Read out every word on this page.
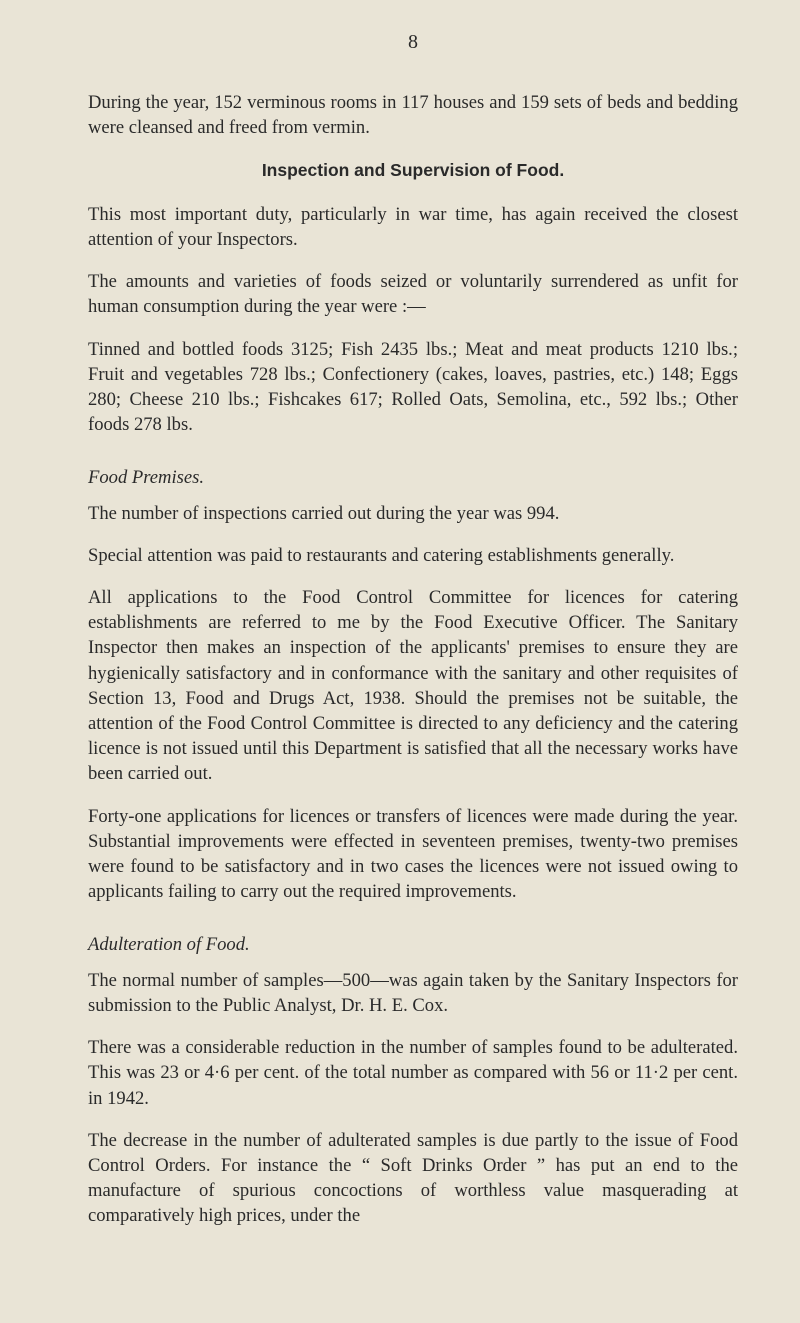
8

During the year, 152 verminous rooms in 117 houses and 159 sets of beds and bedding were cleansed and freed from vermin.

Inspection and Supervision of Food.

This most important duty, particularly in war time, has again received the closest attention of your Inspectors.

The amounts and varieties of foods seized or voluntarily surrendered as unfit for human consumption during the year were :—

Tinned and bottled foods 3125; Fish 2435 lbs.; Meat and meat products 1210 lbs.; Fruit and vegetables 728 lbs.; Confectionery (cakes, loaves, pastries, etc.) 148; Eggs 280; Cheese 210 lbs.; Fishcakes 617; Rolled Oats, Semolina, etc., 592 lbs.; Other foods 278 lbs.

Food Premises.

The number of inspections carried out during the year was 994.

Special attention was paid to restaurants and catering establishments generally.

All applications to the Food Control Committee for licences for catering establishments are referred to me by the Food Executive Officer. The Sanitary Inspector then makes an inspection of the applicants' premises to ensure they are hygienically satisfactory and in conformance with the sanitary and other requisites of Section 13, Food and Drugs Act, 1938. Should the premises not be suitable, the attention of the Food Control Committee is directed to any deficiency and the catering licence is not issued until this Department is satisfied that all the necessary works have been carried out.

Forty-one applications for licences or transfers of licences were made during the year. Substantial improvements were effected in seventeen premises, twenty-two premises were found to be satisfactory and in two cases the licences were not issued owing to applicants failing to carry out the required improvements.

Adulteration of Food.

The normal number of samples—500—was again taken by the Sanitary Inspectors for submission to the Public Analyst, Dr. H. E. Cox.

There was a considerable reduction in the number of samples found to be adulterated. This was 23 or 4·6 per cent. of the total number as compared with 56 or 11·2 per cent. in 1942.

The decrease in the number of adulterated samples is due partly to the issue of Food Control Orders. For instance the “ Soft Drinks Order ” has put an end to the manufacture of spurious concoctions of worthless value masquerading at comparatively high prices, under the
